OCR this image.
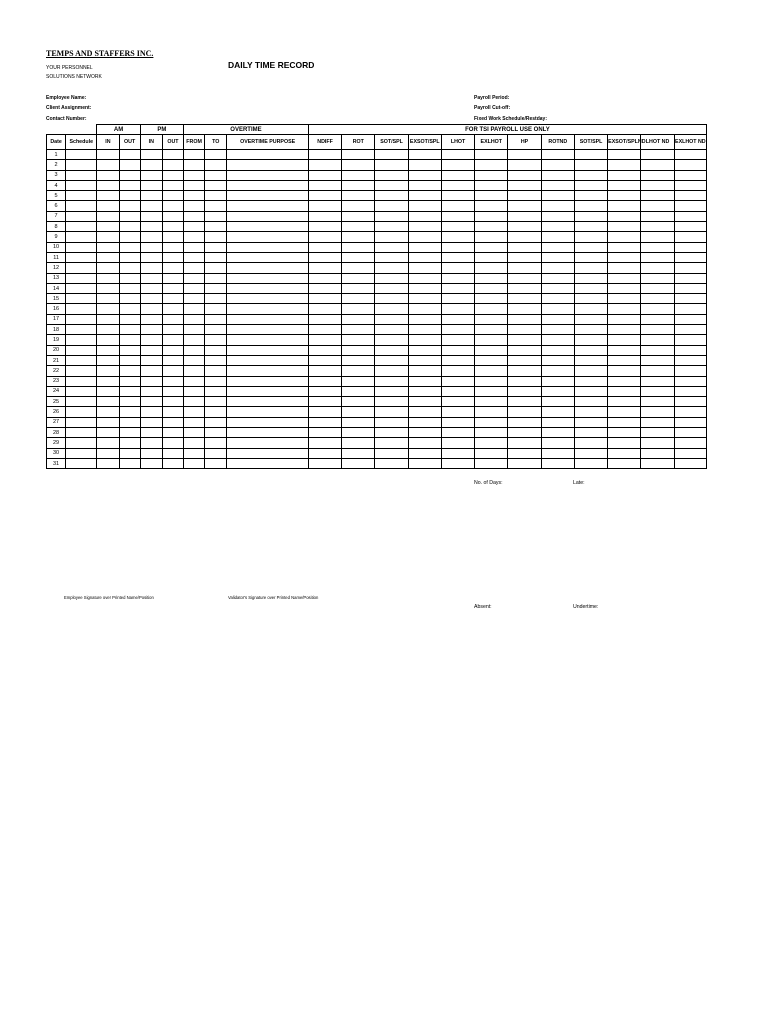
TEMPS AND STAFFERS INC.
YOUR PERSONNEL
SOLUTIONS NETWORK
DAILY TIME RECORD
Employee Name:
Client Assignment:
Contact Number:
Payroll Period:
Payroll Cut-off:
Fixed Work Schedule/Restday:
		AM		PM		OVERTIME			FOR TSI PAYROLL USE ONLY											
Date	Schedule	IN	OUT	IN	OUT	FROM	TO	OVERTIME PURPOSE	NDIFF	ROT	SOT/SPL	EXSOT/SPL	LHOT	EXLHOT	HP	ROTND	SOT/SPL	EXSOT/SPLND	LHOT ND	EXLHOT ND
1																				
2																				
3																				
4																				
5																				
6																				
7																				
8																				
9																				
10																				
11																				
12																				
13																				
14																				
15																				
16																				
17																				
18																				
19																				
20																				
21																				
22																				
23																				
24																				
25																				
26																				
27																				
28																				
29																				
30																				
31																				
No. of Days:	Late:
Employee Signature over Printed Name/Position	Validator's Signature over Printed Name/Position
Absent:	Undertime:
